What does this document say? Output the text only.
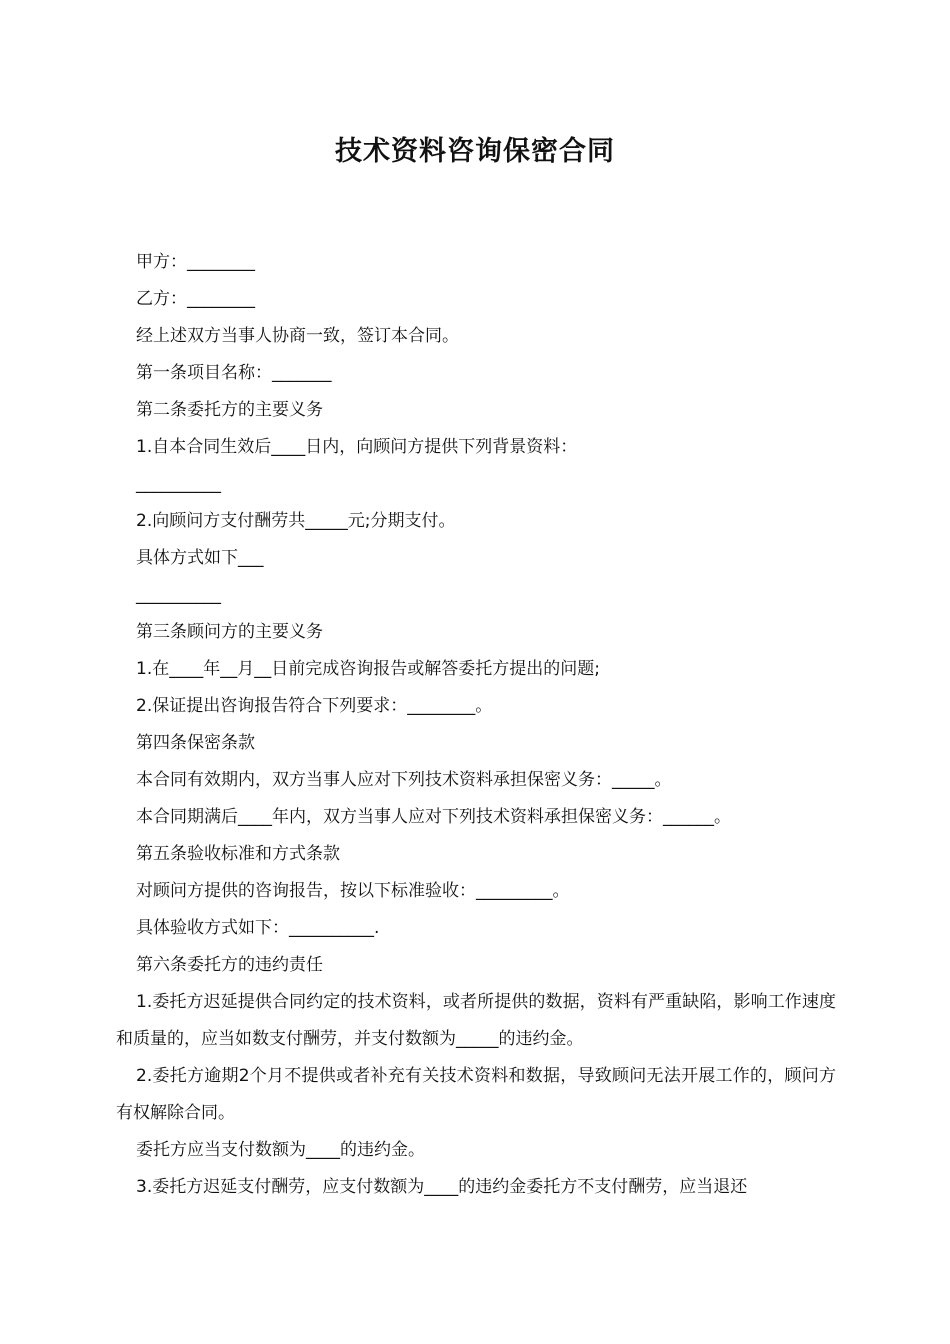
技术资料咨询保密合同

甲方：________

乙方：________

经上述双方当事人协商一致，签订本合同。

第一条项目名称：_______

第二条委托方的主要义务

1.自本合同生效后____日内，向顾问方提供下列背景资料：

__________

2.向顾问方支付酬劳共_____元;分期支付。

具体方式如下___

__________

第三条顾问方的主要义务

1.在____年__月__日前完成咨询报告或解答委托方提出的问题;

2.保证提出咨询报告符合下列要求：________。

第四条保密条款

本合同有效期内，双方当事人应对下列技术资料承担保密义务：_____。

本合同期满后____年内，双方当事人应对下列技术资料承担保密义务：______。

第五条验收标准和方式条款

对顾问方提供的咨询报告，按以下标准验收：_________。

具体验收方式如下：__________.

第六条委托方的违约责任

1.委托方迟延提供合同约定的技术资料，或者所提供的数据，资料有严重缺陷，影响工作速度和质量的，应当如数支付酬劳，并支付数额为_____的违约金。

2.委托方逾期2个月不提供或者补充有关技术资料和数据，导致顾问无法开展工作的，顾问方有权解除合同。

委托方应当支付数额为____的违约金。

3.委托方迟延支付酬劳，应支付数额为____的违约金委托方不支付酬劳，应当退还
